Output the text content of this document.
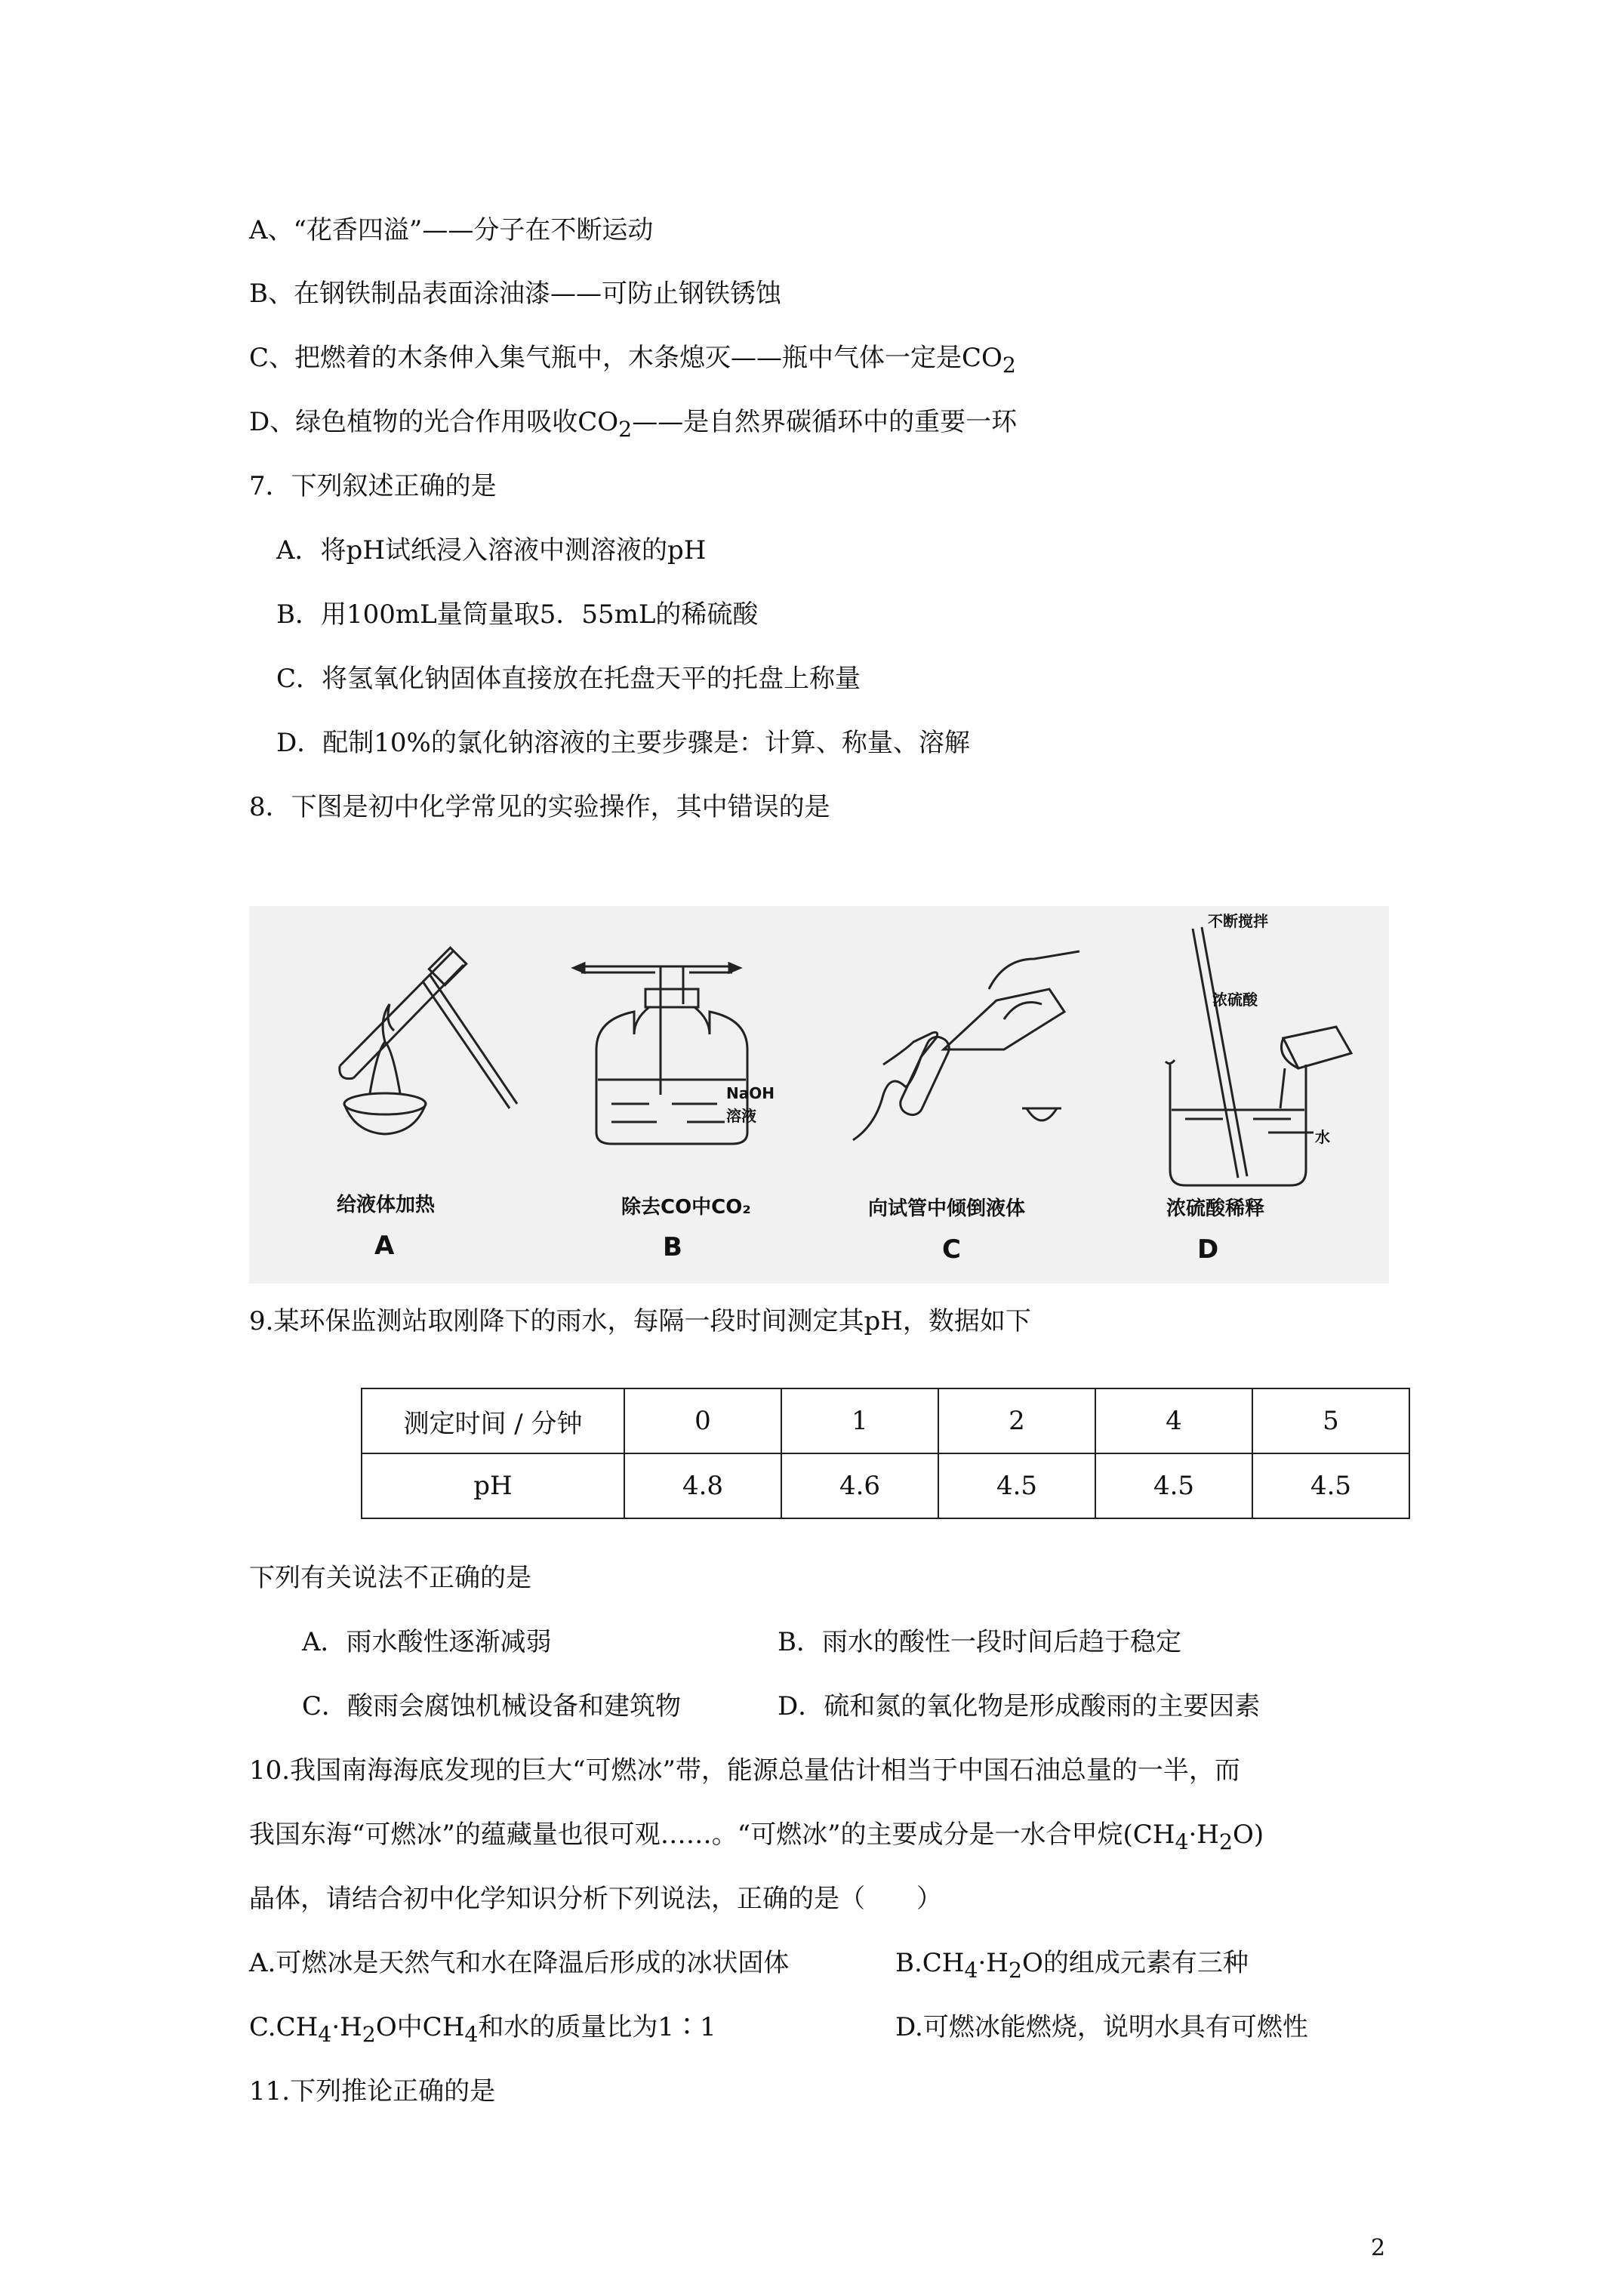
A、“花香四溢”——分子在不断运动
B、在钢铁制品表面涂油漆——可防止钢铁锈蚀
C、把燃着的木条伸入集气瓶中，木条熄灭——瓶中气体一定是$CO_2$
D、绿色植物的光合作用吸收$CO_2——$是自然界碳循环中的重要一环
7．下列叙述正确的是
A．将pH试纸浸入溶液中测溶液的pH
B．用100mL量筒量取5．55mL的稀硫酸
C．将氢氧化钠固体直接放在托盘天平的托盘上称量
D．配制10%的氯化钠溶液的主要步骤是：计算、称量、溶解
8．下图是初中化学常见的实验操作，其中错误的是
NaOH
溶液
不断搅拌
浓硫酸
水
给液体加热
A
除去CO中CO₂
B
向试管中倾倒液体
C
浓硫酸稀释
D
9.某环保监测站取刚降下的雨水，每隔一段时间测定其pH，数据如下
测定时间 / 分钟	0	1	2	4	5
pH	4.8	4.6	4.5	4.5	4.5
下列有关说法不正确的是
A．雨水酸性逐渐减弱	B．雨水的酸性一段时间后趋于稳定
C．酸雨会腐蚀机械设备和建筑物	D．硫和氮的氧化物是形成酸雨的主要因素
10.我国南海海底发现的巨大“可燃冰”带，能源总量估计相当于中国石油总量的一半，而
我国东海“可燃冰”的蕴藏量也很可观……。“可燃冰”的主要成分是一水合甲烷$(CH_4\cdot H_2O)$
晶体，请结合初中化学知识分析下列说法，正确的是（　　）
A.可燃冰是天然气和水在降温后形成的冰状固体	$B.CH_4\cdot H_2O$的组成元素有三种
$C.CH_4\cdot H_2O$中$CH_4$和水的质量比为1∶1	D.可燃冰能燃烧，说明水具有可燃性
11.下列推论正确的是
2
